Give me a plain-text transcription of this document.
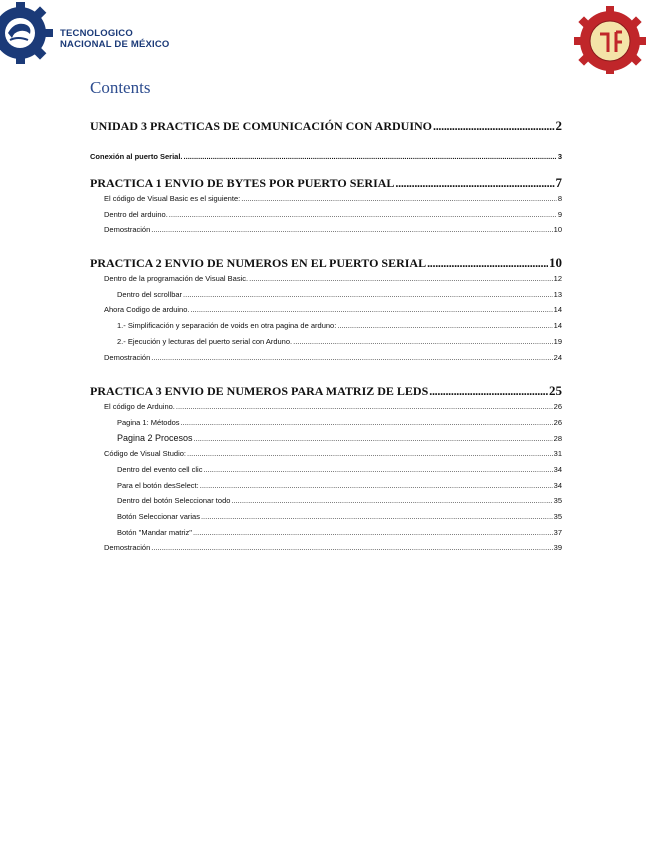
TECNOLOGICO
NACIONAL DE MÉXICO
Contents
UNIDAD 3 PRACTICAS DE COMUNICACIÓN CON ARDUINO .....	2
Conexión al puerto Serial. .....	3
PRACTICA 1 ENVIO DE BYTES POR PUERTO SERIAL .....	7
El código de Visual Basic es el siguiente: .....	8
Dentro del arduino. .....	9
Demostración .....	10
PRACTICA 2 ENVIO DE NUMEROS EN EL PUERTO SERIAL .....	10
Dentro de la programación de Visual Basic. .....	12
Dentro del scrollbar .....	13
Ahora Codigo de arduino. .....	14
1.- Simplificación y separación de voids en otra pagina de arduno: .....	14
2.- Ejecución y lecturas del puerto serial con Arduno. .....	19
Demostración .....	24
PRACTICA 3 ENVIO DE NUMEROS PARA MATRIZ DE LEDS .....	25
El código de Arduino. .....	26
Pagina 1: Métodos .....	26
Pagina 2 Procesos .....	28
Código de Visual Studio: .....	31
Dentro del evento cell clic .....	34
Para el botón desSelect: .....	34
Dentro del botón Seleccionar todo .....	35
Botón Seleccionar varias .....	35
Botón "Mandar matriz" .....	37
Demostración .....	39
